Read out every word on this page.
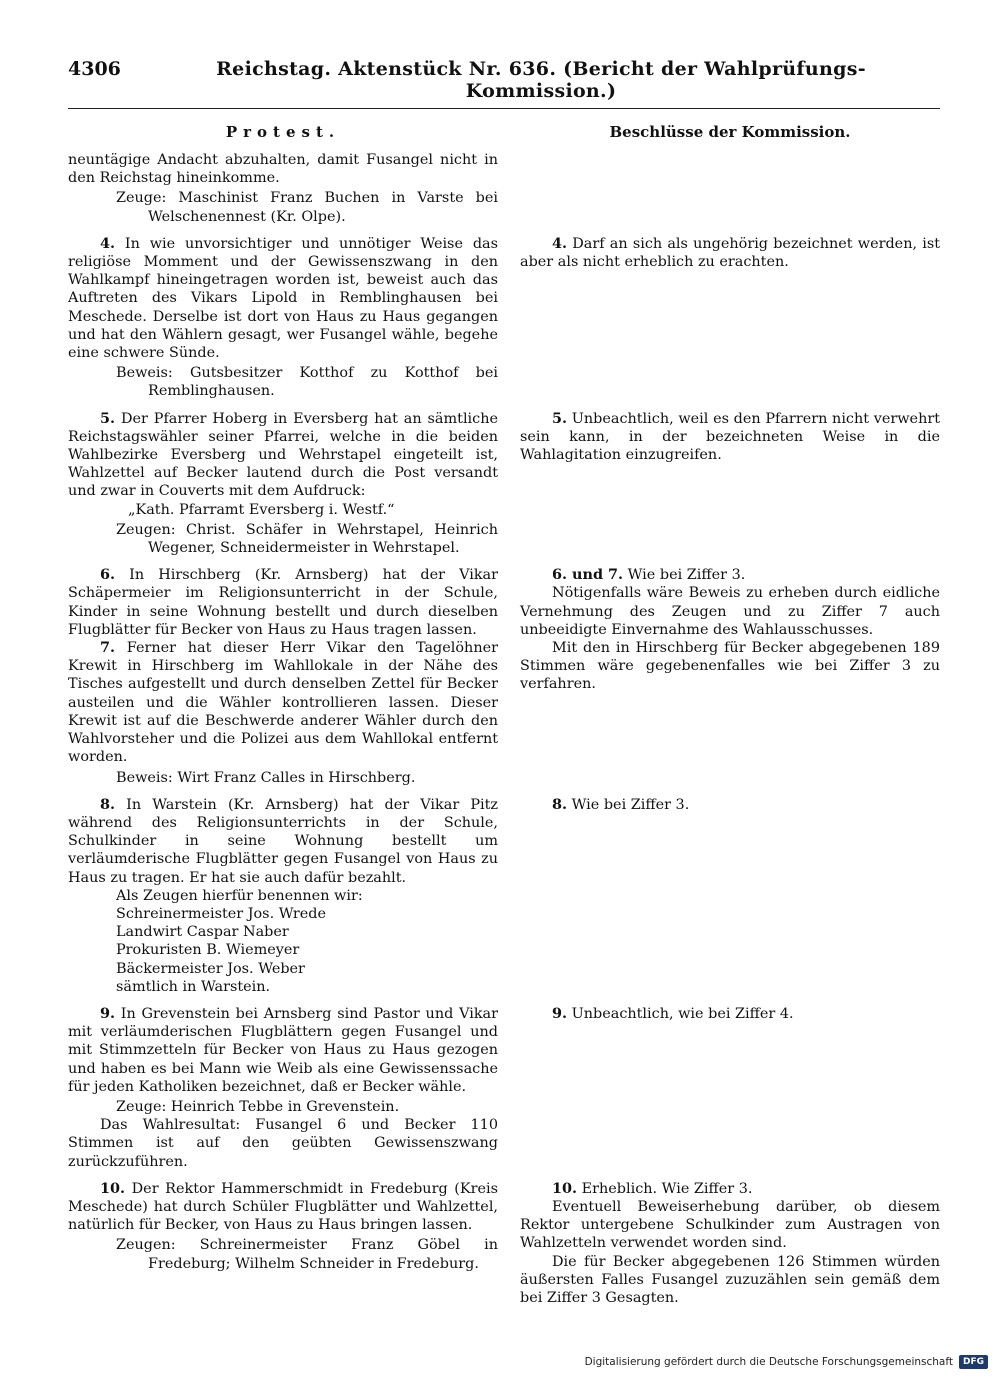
4306	Reichstag. Aktenstück Nr. 636. (Bericht der Wahlprüfungs-Kommission.)
Protest.	Beschlüsse der Kommission.

neuntägige Andacht abzuhalten, damit Fusangel nicht in den Reichstag hineinkomme.

Zeuge: Maschinist Franz Buchen in Varste bei Welschenennest (Kr. Olpe).

4. In wie unvorsichtiger und unnötiger Weise das religiöse Momment und der Gewissenszwang in den Wahlkampf hineingetragen worden ist, beweist auch das Auftreten des Vikars Lipold in Remblinghausen bei Meschede. Derselbe ist dort von Haus zu Haus gegangen und hat den Wählern gesagt, wer Fusangel wähle, begehe eine schwere Sünde.

Beweis: Gutsbesitzer Kotthof zu Kotthof bei Remblinghausen.

4. Darf an sich als ungehörig bezeichnet werden, ist aber als nicht erheblich zu erachten.

5. Der Pfarrer Hoberg in Eversberg hat an sämtliche Reichstagswähler seiner Pfarrei, welche in die beiden Wahlbezirke Eversberg und Wehrstapel eingeteilt ist, Wahlzettel auf Becker lautend durch die Post versandt und zwar in Couverts mit dem Aufdruck:

„Kath. Pfarramt Eversberg i. Westf.“

Zeugen: Christ. Schäfer in Wehrstapel, Heinrich Wegener, Schneidermeister in Wehrstapel.

5. Unbeachtlich, weil es den Pfarrern nicht verwehrt sein kann, in der bezeichneten Weise in die Wahlagitation einzugreifen.

6. In Hirschberg (Kr. Arnsberg) hat der Vikar Schäpermeier im Religionsunterricht in der Schule, Kinder in seine Wohnung bestellt und durch dieselben Flugblätter für Becker von Haus zu Haus tragen lassen.

7. Ferner hat dieser Herr Vikar den Tagelöhner Krewit in Hirschberg im Wahllokale in der Nähe des Tisches aufgestellt und durch denselben Zettel für Becker austeilen und die Wähler kontrollieren lassen. Dieser Krewit ist auf die Beschwerde anderer Wähler durch den Wahlvorsteher und die Polizei aus dem Wahllokal entfernt worden.

Beweis: Wirt Franz Calles in Hirschberg.

6. und 7. Wie bei Ziffer 3.

Nötigenfalls wäre Beweis zu erheben durch eidliche Vernehmung des Zeugen und zu Ziffer 7 auch unbeeidigte Einvernahme des Wahlausschusses.

Mit den in Hirschberg für Becker abgegebenen 189 Stimmen wäre gegebenenfalles wie bei Ziffer 3 zu verfahren.

8. In Warstein (Kr. Arnsberg) hat der Vikar Pitz während des Religionsunterrichts in der Schule, Schulkinder in seine Wohnung bestellt um verläumderische Flugblätter gegen Fusangel von Haus zu Haus zu tragen. Er hat sie auch dafür bezahlt.

Als Zeugen hierfür benennen wir:

Schreinermeister Jos. Wrede

Landwirt Caspar Naber

Prokuristen B. Wiemeyer

Bäckermeister Jos. Weber

sämtlich in Warstein.

8. Wie bei Ziffer 3.

9. In Grevenstein bei Arnsberg sind Pastor und Vikar mit verläumderischen Flugblättern gegen Fusangel und mit Stimmzetteln für Becker von Haus zu Haus gezogen und haben es bei Mann wie Weib als eine Gewissenssache für jeden Katholiken bezeichnet, daß er Becker wähle.

Zeuge: Heinrich Tebbe in Grevenstein.

Das Wahlresultat: Fusangel 6 und Becker 110 Stimmen ist auf den geübten Gewissenszwang zurückzuführen.

9. Unbeachtlich, wie bei Ziffer 4.

10. Der Rektor Hammerschmidt in Fredeburg (Kreis Meschede) hat durch Schüler Flugblätter und Wahlzettel, natürlich für Becker, von Haus zu Haus bringen lassen.

Zeugen: Schreinermeister Franz Göbel in Fredeburg; Wilhelm Schneider in Fredeburg.

10. Erheblich. Wie Ziffer 3.

Eventuell Beweiserhebung darüber, ob diesem Rektor untergebene Schulkinder zum Austragen von Wahlzetteln verwendet worden sind.

Die für Becker abgegebenen 126 Stimmen würden äußersten Falles Fusangel zuzuzählen sein gemäß dem bei Ziffer 3 Gesagten.

Digitalisierung gefördert durch die Deutsche Forschungsgemeinschaft	DFG
